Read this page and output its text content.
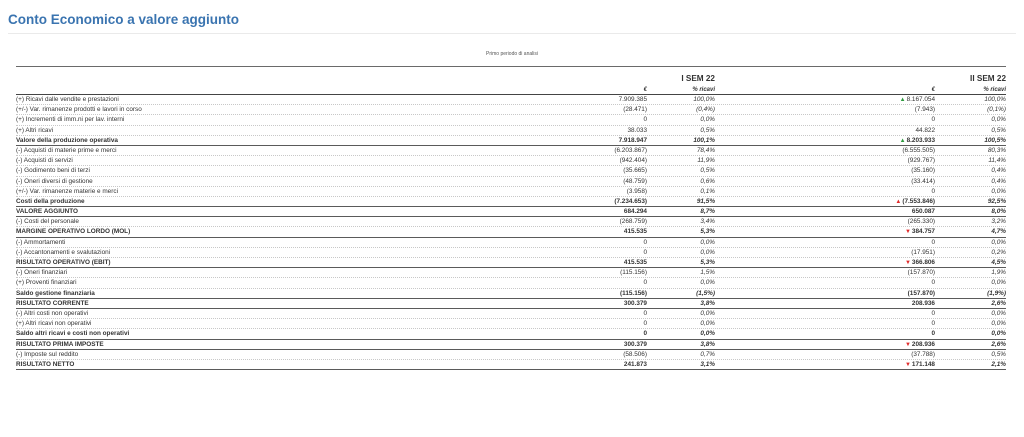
Conto Economico a valore aggiunto
Primo periodo di analisi
I SEM 22	II SEM 22
€	% ricavi	€	% ricavi
(+) Ricavi dalle vendite e prestazioni	7.909.385	100,0%	▲8.167.054	100,0%
(+/-) Var. rimanenze prodotti e lavori in corso	(28.471)	(0,4%)	(7.943)	(0,1%)
(+) Incrementi di imm.ni per lav. interni	0	0,0%	0	0,0%
(+) Altri ricavi	38.033	0,5%	44.822	0,5%
Valore della produzione operativa	7.918.947	100,1%	▲8.203.933	100,5%
(-) Acquisti di materie prime e merci	(6.203.867)	78,4%	(6.555.505)	80,3%
(-) Acquisti di servizi	(942.404)	11,9%	(929.767)	11,4%
(-) Godimento beni di terzi	(35.665)	0,5%	(35.160)	0,4%
(-) Oneri diversi di gestione	(48.759)	0,6%	(33.414)	0,4%
(+/-) Var. rimanenze materie e merci	(3.958)	0,1%	0	0,0%
Costi della produzione	(7.234.653)	91,5%	▲(7.553.846)	92,5%
VALORE AGGIUNTO	684.294	8,7%	650.087	8,0%
(-) Costi del personale	(268.759)	3,4%	(265.330)	3,2%
MARGINE OPERATIVO LORDO (MOL)	415.535	5,3%	▼384.757	4,7%
(-) Ammortamenti	0	0,0%	0	0,0%
(-) Accantonamenti e svalutazioni	0	0,0%	(17.951)	0,2%
RISULTATO OPERATIVO (EBIT)	415.535	5,3%	▼366.806	4,5%
(-) Oneri finanziari	(115.156)	1,5%	(157.870)	1,9%
(+) Proventi finanziari	0	0,0%	0	0,0%
Saldo gestione finanziaria	(115.156)	(1,5%)	(157.870)	(1,9%)
RISULTATO CORRENTE	300.379	3,8%	208.936	2,6%
(-) Altri costi non operativi	0	0,0%	0	0,0%
(+) Altri ricavi non operativi	0	0,0%	0	0,0%
Saldo altri ricavi e costi non operativi	0	0,0%	0	0,0%
RISULTATO PRIMA IMPOSTE	300.379	3,8%	▼208.936	2,6%
(-) Imposte sul reddito	(58.506)	0,7%	(37.788)	0,5%
RISULTATO NETTO	241.873	3,1%	▼171.148	2,1%
